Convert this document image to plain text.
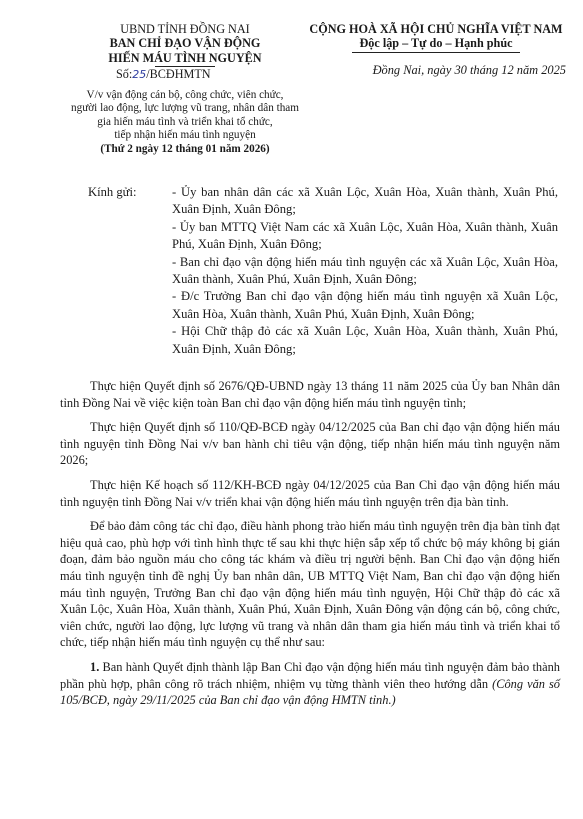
UBND TỈNH ĐỒNG NAI
BAN CHỈ ĐẠO VẬN ĐỘNG
HIẾN MÁU TÌNH NGUYỆN
Số:25/BCĐHMTN
V/v vận động cán bộ, công chức, viên chức,
người lao động, lực lượng vũ trang, nhân dân tham
gia hiến máu tình và triển khai tổ chức,
tiếp nhận hiến máu tình nguyện
(Thứ 2 ngày 12 tháng 01 năm 2026)
CỘNG HOÀ XÃ HỘI CHỦ NGHĨA VIỆT NAM
Độc lập – Tự do – Hạnh phúc
Đồng Nai, ngày 30 tháng 12 năm 2025
Kính gửi:	- Ủy ban nhân dân các xã Xuân Lộc, Xuân Hòa, Xuân thành, Xuân Phú, Xuân Định, Xuân Đông;
- Ủy ban MTTQ Việt Nam các xã Xuân Lộc, Xuân Hòa, Xuân thành, Xuân Phú, Xuân Định, Xuân Đông;
- Ban chỉ đạo vận động hiến máu tình nguyện các xã Xuân Lộc, Xuân Hòa, Xuân thành, Xuân Phú, Xuân Định, Xuân Đông;
- Đ/c Trưởng Ban chỉ đạo vận động hiến máu tình nguyện xã Xuân Lộc, Xuân Hòa, Xuân thành, Xuân Phú, Xuân Định, Xuân Đông;
- Hội Chữ thập đỏ các xã Xuân Lộc, Xuân Hòa, Xuân thành, Xuân Phú, Xuân Định, Xuân Đông;

Thực hiện Quyết định số 2676/QĐ-UBND ngày 13 tháng 11 năm 2025 của Ủy ban Nhân dân tỉnh Đồng Nai về việc kiện toàn Ban chỉ đạo vận động hiến máu tình nguyện tỉnh;

Thực hiện Quyết định số 110/QĐ-BCĐ ngày 04/12/2025 của Ban chỉ đạo vận động hiến máu tình nguyện tỉnh Đồng Nai v/v ban hành chỉ tiêu vận động, tiếp nhận hiến máu tình nguyện năm 2026;

Thực hiện Kế hoạch số 112/KH-BCĐ ngày 04/12/2025 của Ban Chỉ đạo vận động hiến máu tình nguyện tỉnh Đồng Nai v/v triển khai vận động hiến máu tình nguyện trên địa bàn tỉnh.

Để bảo đảm công tác chỉ đạo, điều hành phong trào hiến máu tình nguyện trên địa bàn tỉnh đạt hiệu quả cao, phù hợp với tình hình thực tế sau khi thực hiện sắp xếp tổ chức bộ máy không bị gián đoạn, đảm bảo nguồn máu cho công tác khám và điều trị người bệnh. Ban Chỉ đạo vận động hiến máu tình nguyện tỉnh đề nghị Ủy ban nhân dân, UB MTTQ Việt Nam, Ban chỉ đạo vận động hiến máu tình nguyện, Trưởng Ban chỉ đạo vận động hiến máu tình nguyện, Hội Chữ thập đỏ các xã Xuân Lộc, Xuân Hòa, Xuân thành, Xuân Phú, Xuân Định, Xuân Đông vận động cán bộ, công chức, viên chức, người lao động, lực lượng vũ trang và nhân dân tham gia hiến máu tình và triển khai tổ chức, tiếp nhận hiến máu tình nguyện cụ thể như sau:

1. Ban hành Quyết định thành lập Ban Chỉ đạo vận động hiến máu tình nguyện đảm bảo thành phần phù hợp, phân công rõ trách nhiệm, nhiệm vụ từng thành viên theo hướng dẫn (Công văn số 105/BCĐ, ngày 29/11/2025 của Ban chỉ đạo vận động HMTN tỉnh.)
